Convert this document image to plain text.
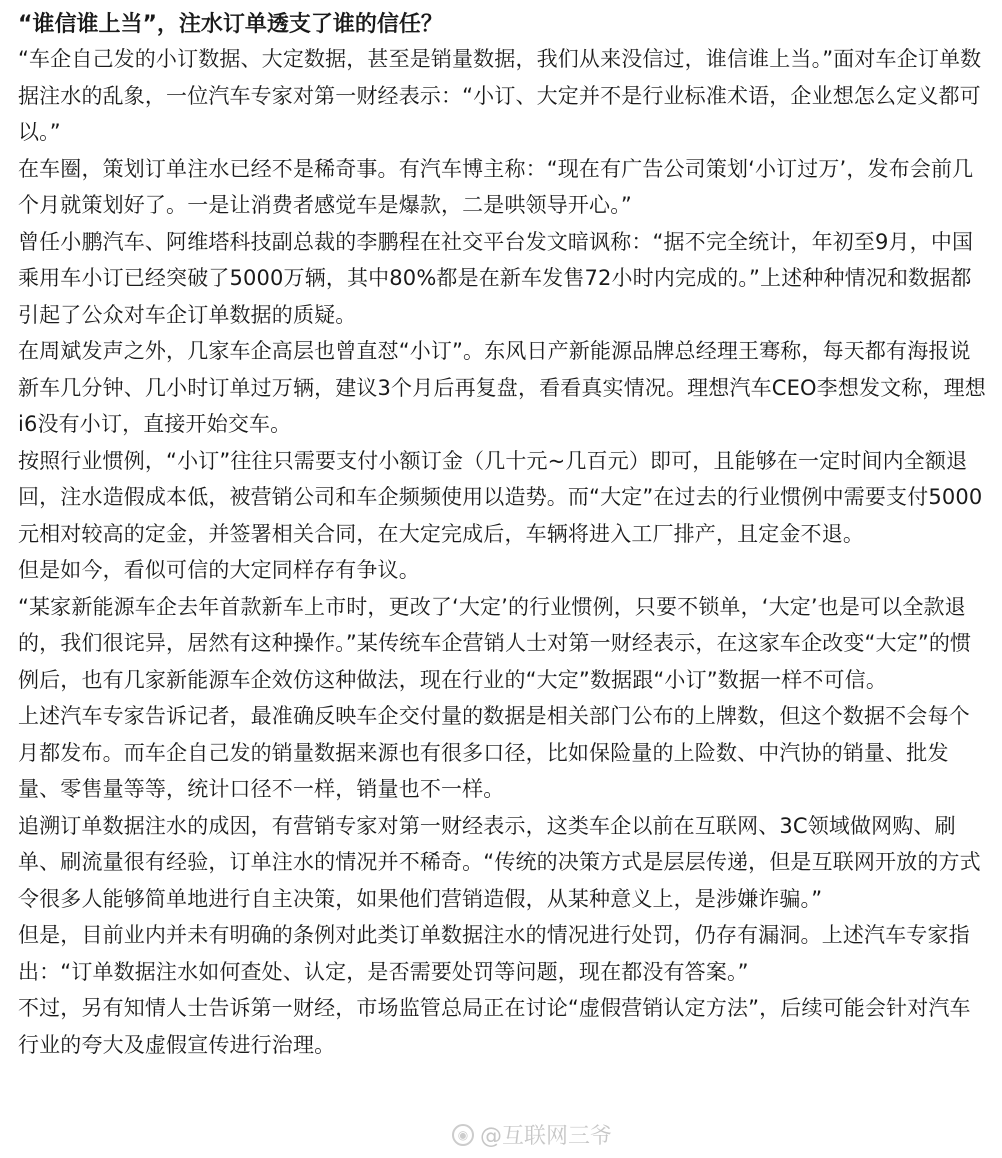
“谁信谁上当”，注水订单透支了谁的信任？

“车企自己发的小订数据、大定数据，甚至是销量数据，我们从来没信过，谁信谁上当。”面对车企订单数据注水的乱象，一位汽车专家对第一财经表示：“小订、大定并不是行业标准术语，企业想怎么定义都可以。”

在车圈，策划订单注水已经不是稀奇事。有汽车博主称：“现在有广告公司策划‘小订过万’，发布会前几个月就策划好了。一是让消费者感觉车是爆款，二是哄领导开心。”

曾任小鹏汽车、阿维塔科技副总裁的李鹏程在社交平台发文暗讽称：“据不完全统计，年初至9月，中国乘用车小订已经突破了5000万辆，其中80%都是在新车发售72小时内完成的。”上述种种情况和数据都引起了公众对车企订单数据的质疑。

在周斌发声之外，几家车企高层也曾直怼“小订”。东风日产新能源品牌总经理王骞称，每天都有海报说新车几分钟、几小时订单过万辆，建议3个月后再复盘，看看真实情况。理想汽车CEO李想发文称，理想i6没有小订，直接开始交车。

按照行业惯例，“小订”往往只需要支付小额订金（几十元~几百元）即可，且能够在一定时间内全额退回，注水造假成本低，被营销公司和车企频频使用以造势。而“大定”在过去的行业惯例中需要支付5000元相对较高的定金，并签署相关合同，在大定完成后，车辆将进入工厂排产，且定金不退。

但是如今，看似可信的大定同样存有争议。

“某家新能源车企去年首款新车上市时，更改了‘大定’的行业惯例，只要不锁单，‘大定’也是可以全款退的，我们很诧异，居然有这种操作。”某传统车企营销人士对第一财经表示，在这家车企改变“大定”的惯例后，也有几家新能源车企效仿这种做法，现在行业的“大定”数据跟“小订”数据一样不可信。

上述汽车专家告诉记者，最准确反映车企交付量的数据是相关部门公布的上牌数，但这个数据不会每个月都发布。而车企自己发的销量数据来源也有很多口径，比如保险量的上险数、中汽协的销量、批发量、零售量等等，统计口径不一样，销量也不一样。

追溯订单数据注水的成因，有营销专家对第一财经表示，这类车企以前在互联网、3C领域做网购、刷单、刷流量很有经验，订单注水的情况并不稀奇。“传统的决策方式是层层传递，但是互联网开放的方式令很多人能够简单地进行自主决策，如果他们营销造假，从某种意义上，是涉嫌诈骗。”

但是，目前业内并未有明确的条例对此类订单数据注水的情况进行处罚，仍存有漏洞。上述汽车专家指出：“订单数据注水如何查处、认定，是否需要处罚等问题，现在都没有答案。”

不过，另有知情人士告诉第一财经，市场监管总局正在讨论“虚假营销认定方法”，后续可能会针对汽车行业的夸大及虚假宣传进行治理。

◉ @互联网三爷
